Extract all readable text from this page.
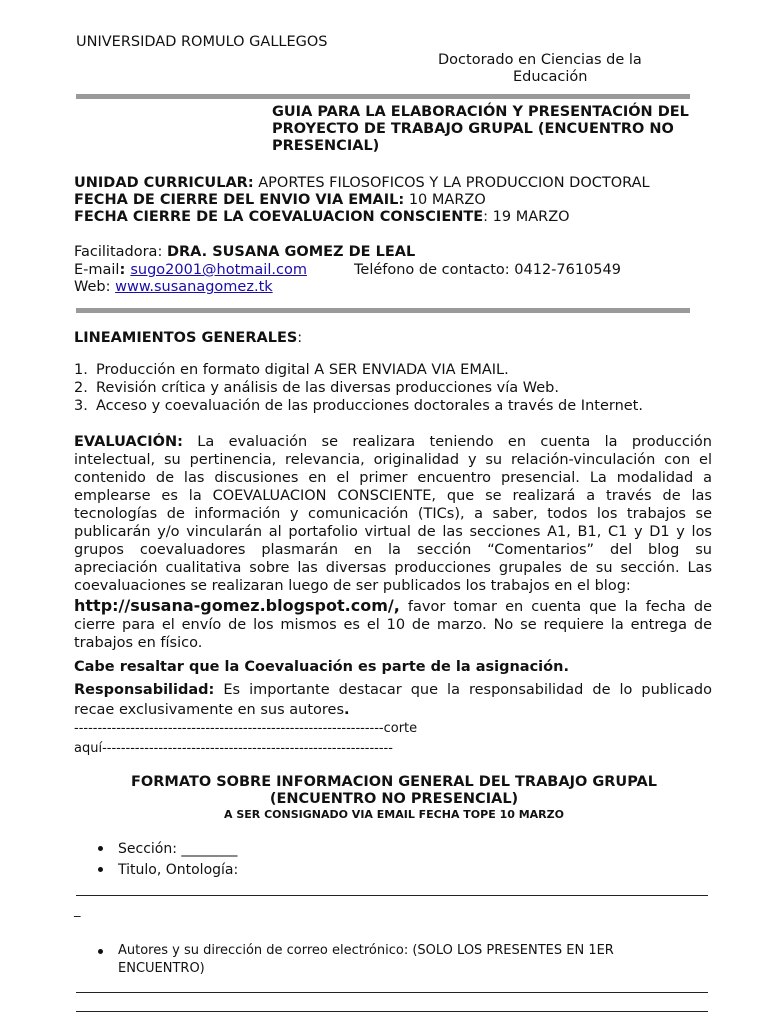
UNIVERSIDAD ROMULO GALLEGOS
Doctorado en Ciencias de la
Educación
GUIA PARA LA ELABORACIÓN Y PRESENTACIÓN DEL
PROYECTO DE TRABAJO GRUPAL (ENCUENTRO NO
PRESENCIAL)
UNIDAD CURRICULAR: APORTES FILOSOFICOS Y LA PRODUCCION DOCTORAL
FECHA DE CIERRE DEL ENVIO VIA EMAIL: 10 MARZO
FECHA CIERRE DE LA COEVALUACION CONSCIENTE: 19 MARZO
Facilitadora: DRA. SUSANA GOMEZ DE LEAL
E-mail: sugo2001@hotmail.com	Teléfono de contacto: 0412-7610549
Web: www.susanagomez.tk
LINEAMIENTOS GENERALES:
1. Producción en formato digital A SER ENVIADA VIA EMAIL.
2. Revisión crítica y análisis de las diversas producciones vía Web.
3. Acceso y coevaluación de las producciones doctorales a través de Internet.
EVALUACIÓN: La evaluación se realizara teniendo en cuenta la producción
intelectual, su pertinencia, relevancia, originalidad y su relación-vinculación con el
contenido de las discusiones en el primer encuentro presencial. La modalidad a
emplearse es la COEVALUACION CONSCIENTE, que se realizará a través de las
tecnologías de información y comunicación (TICs), a saber, todos los trabajos se
publicarán y/o vincularán al portafolio virtual de las secciones A1, B1, C1 y D1 y los
grupos coevaluadores plasmarán en la sección “Comentarios” del blog su
apreciación cualitativa sobre las diversas producciones grupales de su sección. Las
coevaluaciones se realizaran luego de ser publicados los trabajos en el blog:
http://susana-gomez.blogspot.com/, favor tomar en cuenta que la fecha de
cierre para el envío de los mismos es el 10 de marzo. No se requiere la entrega de
trabajos en físico.
Cabe resaltar que la Coevaluación es parte de la asignación.
Responsabilidad: Es importante destacar que la responsabilidad de lo publicado
recae exclusivamente en sus autores.
------------------------------------------------------------------corte
aquí--------------------------------------------------------------
FORMATO SOBRE INFORMACION GENERAL DEL TRABAJO GRUPAL
(ENCUENTRO NO PRESENCIAL)
A SER CONSIGNADO VIA EMAIL FECHA TOPE 10 MARZO
Sección: ________
Titulo, Ontología:
_
Autores y su dirección de correo electrónico: (SOLO LOS PRESENTES EN 1ER
ENCUENTRO)
